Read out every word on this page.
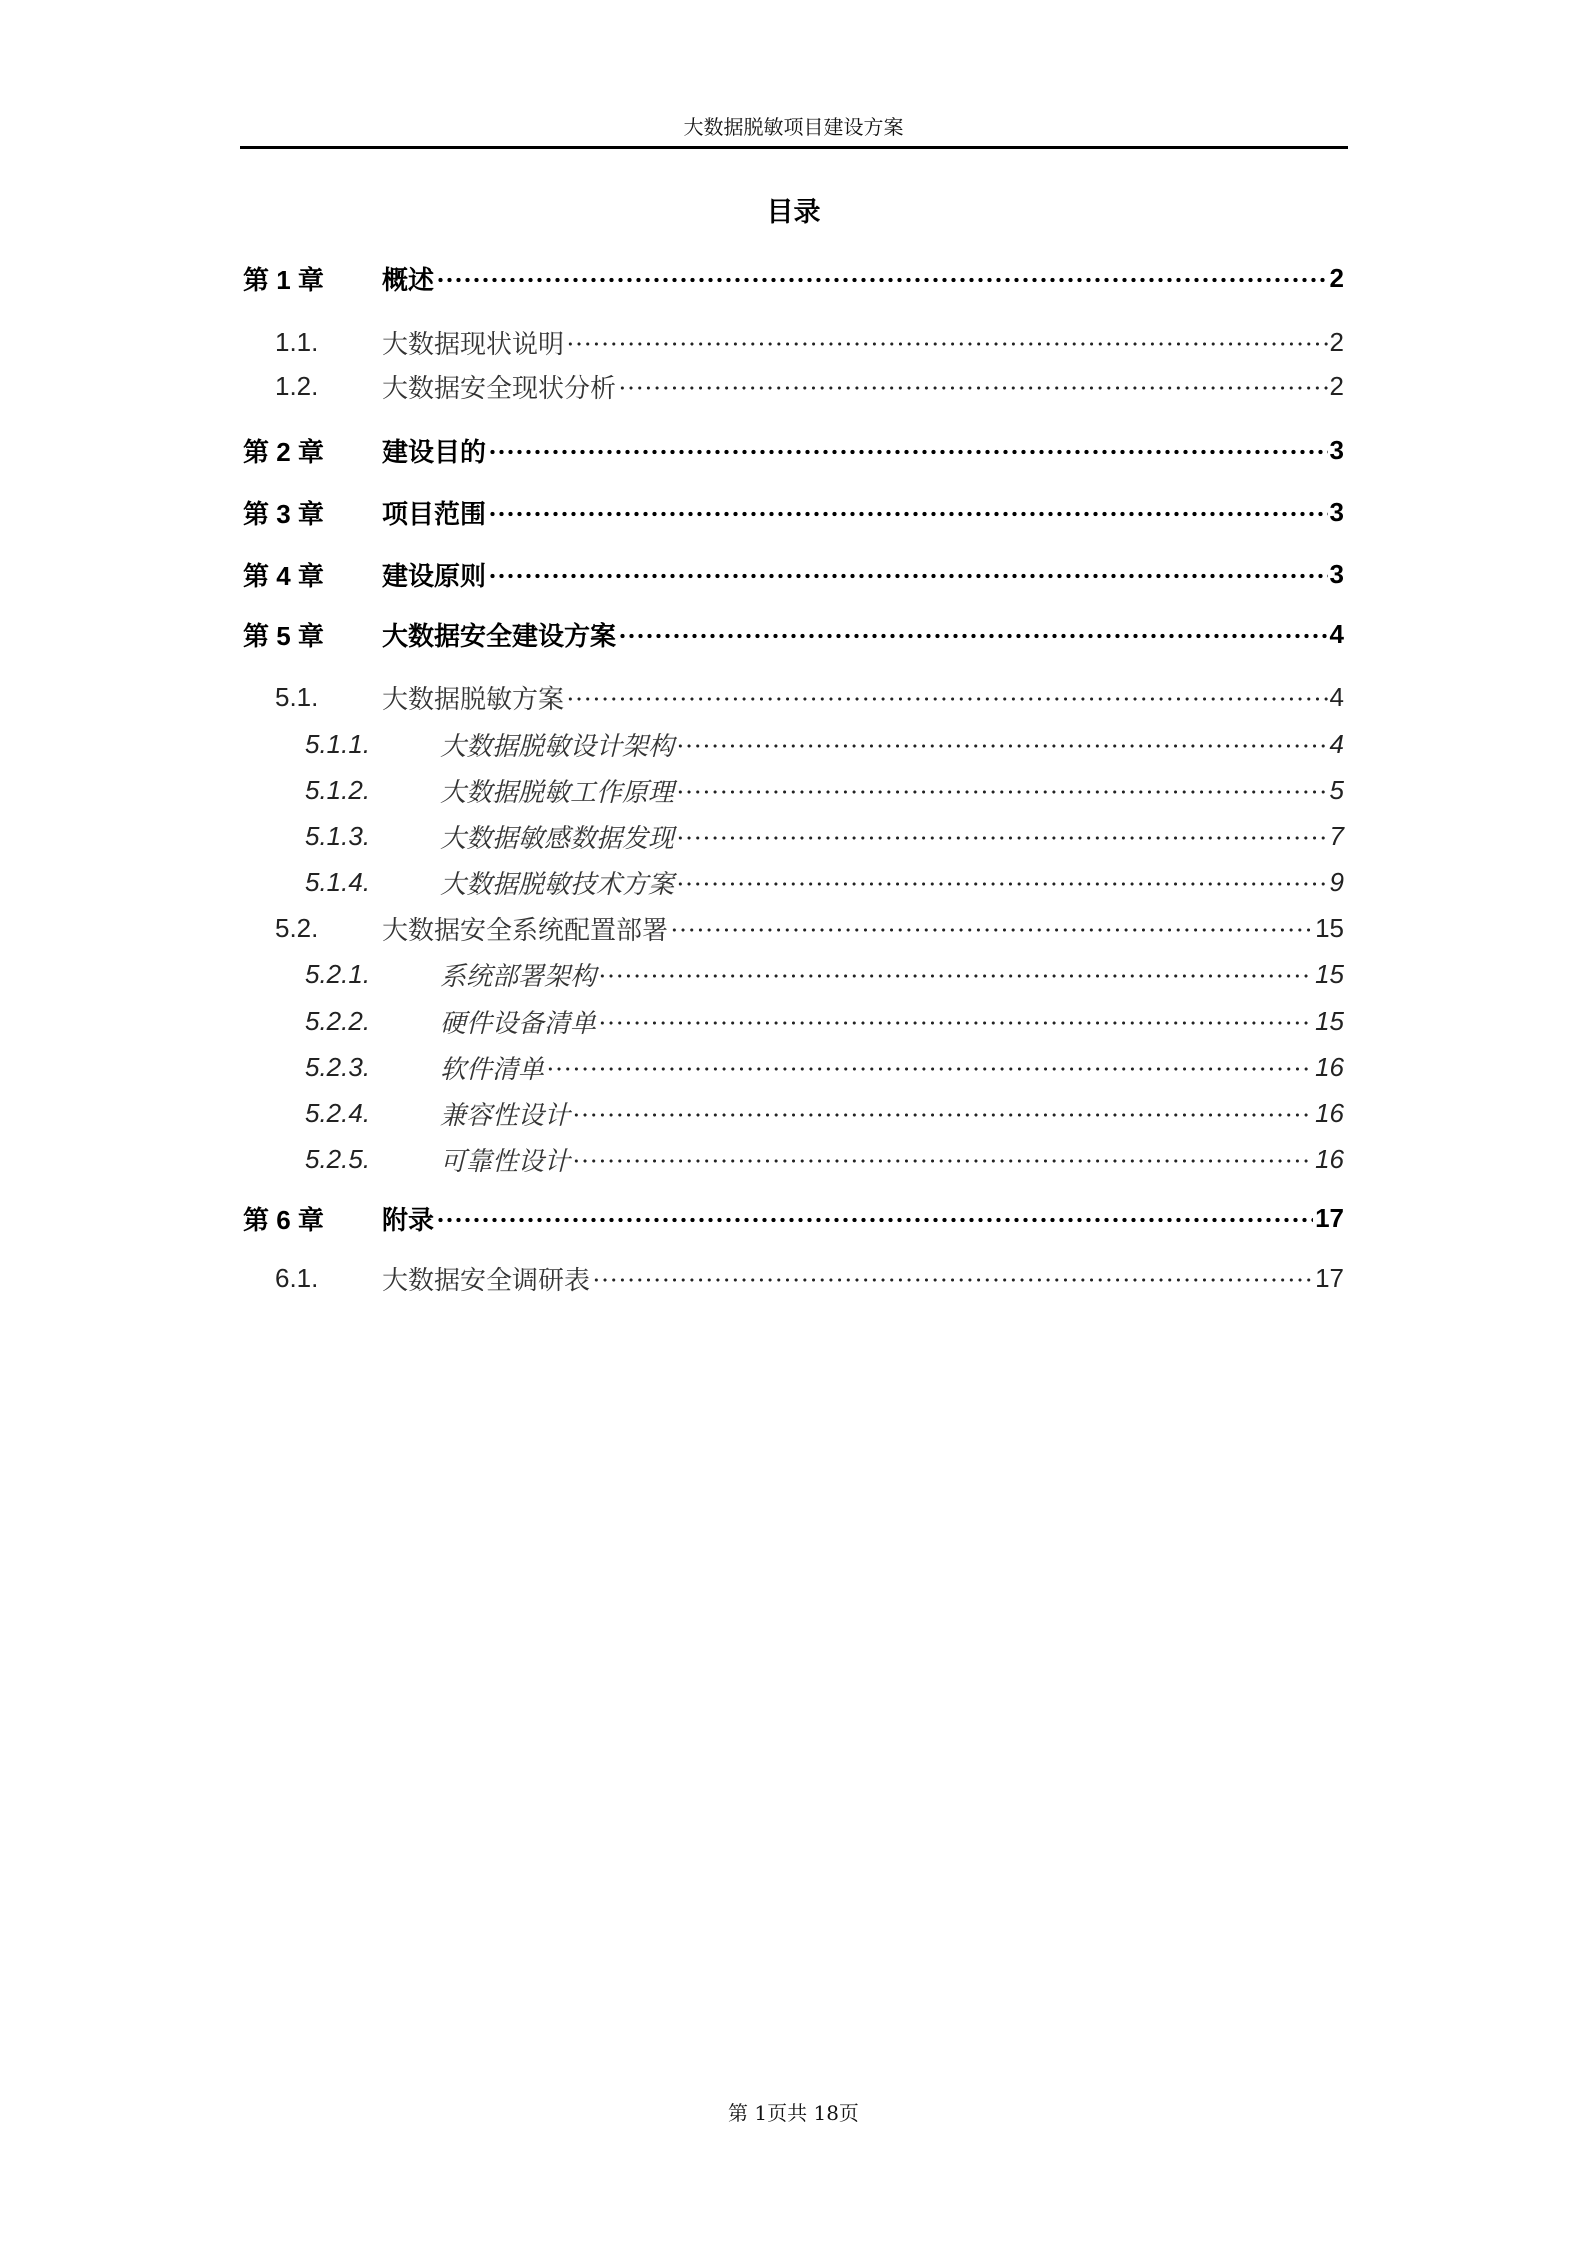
大数据脱敏项目建设方案
目录
第 1 章	概述	2
1.1.	大数据现状说明	2
1.2.	大数据安全现状分析	2
第 2 章	建设目的	3
第 3 章	项目范围	3
第 4 章	建设原则	3
第 5 章	大数据安全建设方案	4
5.1.	大数据脱敏方案	4
5.1.1.	大数据脱敏设计架构	4
5.1.2.	大数据脱敏工作原理	5
5.1.3.	大数据敏感数据发现	7
5.1.4.	大数据脱敏技术方案	9
5.2.	大数据安全系统配置部署	15
5.2.1.	系统部署架构	15
5.2.2.	硬件设备清单	15
5.2.3.	软件清单	16
5.2.4.	兼容性设计	16
5.2.5.	可靠性设计	16
第 6 章	附录	17
6.1.	大数据安全调研表	17
第 1页共 18页
